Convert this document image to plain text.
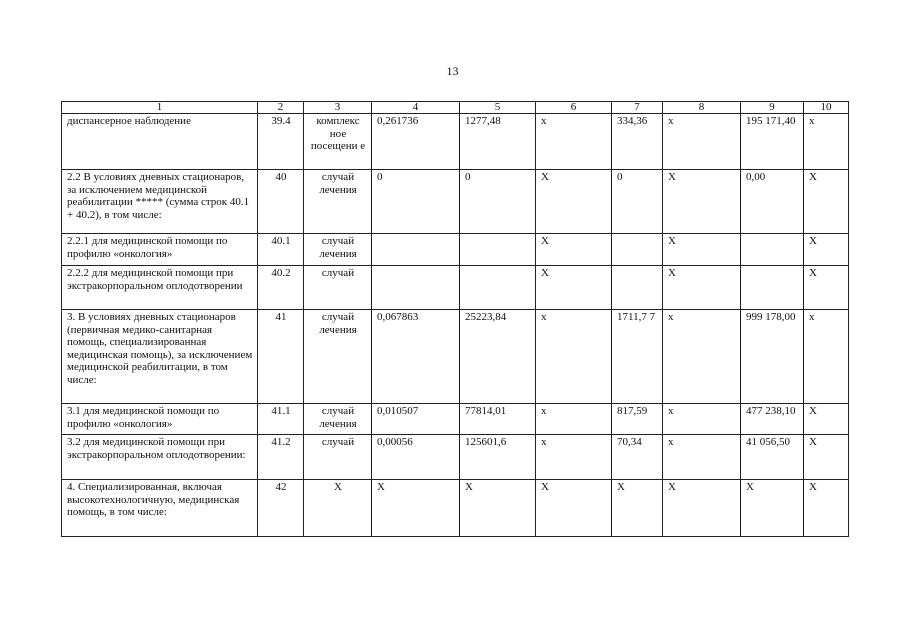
13
1	2	3	4	5	6	7	8	9	10
диспансерное наблюдение	39.4	комплекс ное посещени е	0,261736	1277,48	x	334,36	x	195 171,40	x
2.2 В условиях дневных стационаров, за исключением медицинской реабилитации ***** (сумма строк 40.1 + 40.2), в том числе:	40	случай лечения	0	0	X	0	X	0,00	X
2.2.1 для медицинской помощи по профилю «онкология»	40.1	случай лечения			X		X		X
2.2.2 для медицинской помощи при экстракорпоральном оплодотворении	40.2	случай			X		X		X
3. В условиях дневных стационаров (первичная медико-санитарная помощь, специализированная медицинская помощь), за исключением медицинской реабилитации, в том числе:	41	случай лечения	0,067863	25223,84	x	1711,7 7	x	999 178,00	x
3.1 для медицинской помощи по профилю «онкология»	41.1	случай лечения	0,010507	77814,01	x	817,59	x	477 238,10	X
3.2 для медицинской помощи при экстракорпоральном оплодотворении:	41.2	случай	0,00056	125601,6	x	70,34	x	41 056,50	X
4. Специализированная, включая высокотехнологичную, медицинская помощь, в том числе:	42	X	X	X	X	X	X	X	X
